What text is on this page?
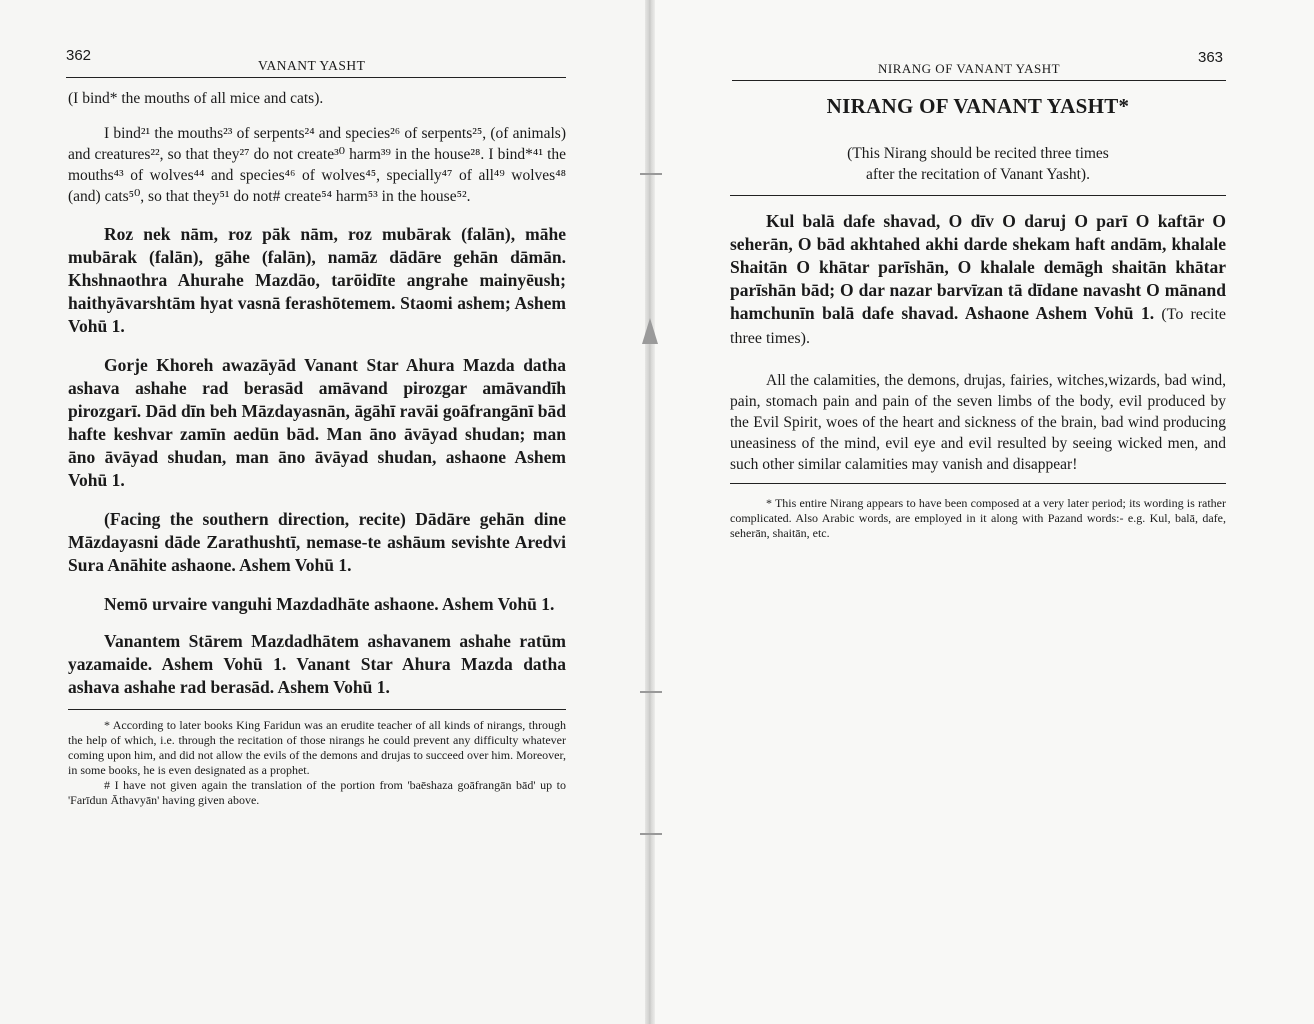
362
VANANT YASHT

(I bind* the mouths of all mice and cats).

I bind²¹ the mouths²³ of serpents²⁴ and species²⁶ of serpents²⁵, (of animals) and creatures²², so that they²⁷ do not create³⁰ harm³⁹ in the house²⁸. I bind*⁴¹ the mouths⁴³ of wolves⁴⁴ and species⁴⁶ of wolves⁴⁵, specially⁴⁷ of all⁴⁹ wolves⁴⁸ (and) cats⁵⁰, so that they⁵¹ do not# create⁵⁴ harm⁵³ in the house⁵².

Roz nek nām, roz pāk nām, roz mubārak (falān), māhe mubārak (falān), gāhe (falān), namāz dādāre gehān dāmān. Khshnaothra Ahurahe Mazdāo, tarōidīte angrahe mainyēush; haithyāvarshtām hyat vasnā ferashōtemem. Staomi ashem; Ashem Vohū 1.

Gorje Khoreh awazāyād Vanant Star Ahura Mazda datha ashava ashahe rad berasād amāvand pirozgar amāvandīh pirozgarī. Dād dīn beh Māzdayasnān, āgāhī ravāi goāfrangānī bād hafte keshvar zamīn aedūn bād. Man āno āvāyad shudan; man āno āvāyad shudan, man āno āvāyad shudan, ashaone Ashem Vohū 1.

(Facing the southern direction, recite) Dādāre gehān dine Māzdayasni dāde Zarathushtī, nemase-te ashāum sevishte Aredvi Sura Anāhite ashaone. Ashem Vohū 1.

Nemō urvaire vanguhi Mazdadhāte ashaone. Ashem Vohū 1.

Vanantem Stārem Mazdadhātem ashavanem ashahe ratūm yazamaide. Ashem Vohū 1. Vanant Star Ahura Mazda datha ashava ashahe rad berasād. Ashem Vohū 1.

* According to later books King Faridun was an erudite teacher of all kinds of nirangs, through the help of which, i.e. through the recitation of those nirangs he could prevent any difficulty whatever coming upon him, and did not allow the evils of the demons and drujas to succeed over him. Moreover, in some books, he is even designated as a prophet.

# I have not given again the translation of the portion from 'baēshaza goāfrangān bād' up to 'Farīdun Āthavyān' having given above.

NIRANG OF VANANT YASHT
363

NIRANG OF VANANT YASHT*

(This Nirang should be recited three times

after the recitation of Vanant Yasht).

Kul balā dafe shavad, O dīv O daruj O parī O kaftār O seherān, O bād akhtahed akhi darde shekam haft andām, khalale Shaitān O khātar parīshān, O khalale demāgh shaitān khātar parīshān bād; O dar nazar barvīzan tā dīdane navasht O mānand hamchunīn balā dafe shavad. Ashaone Ashem Vohū 1. (To recite three times).

All the calamities, the demons, drujas, fairies, witches,wizards, bad wind, pain, stomach pain and pain of the seven limbs of the body, evil produced by the Evil Spirit, woes of the heart and sickness of the brain, bad wind producing uneasiness of the mind, evil eye and evil resulted by seeing wicked men, and such other similar calamities may vanish and disappear!

* This entire Nirang appears to have been composed at a very later period; its wording is rather complicated. Also Arabic words, are employed in it along with Pazand words:- e.g. Kul, balā, dafe, seherān, shaitān, etc.
